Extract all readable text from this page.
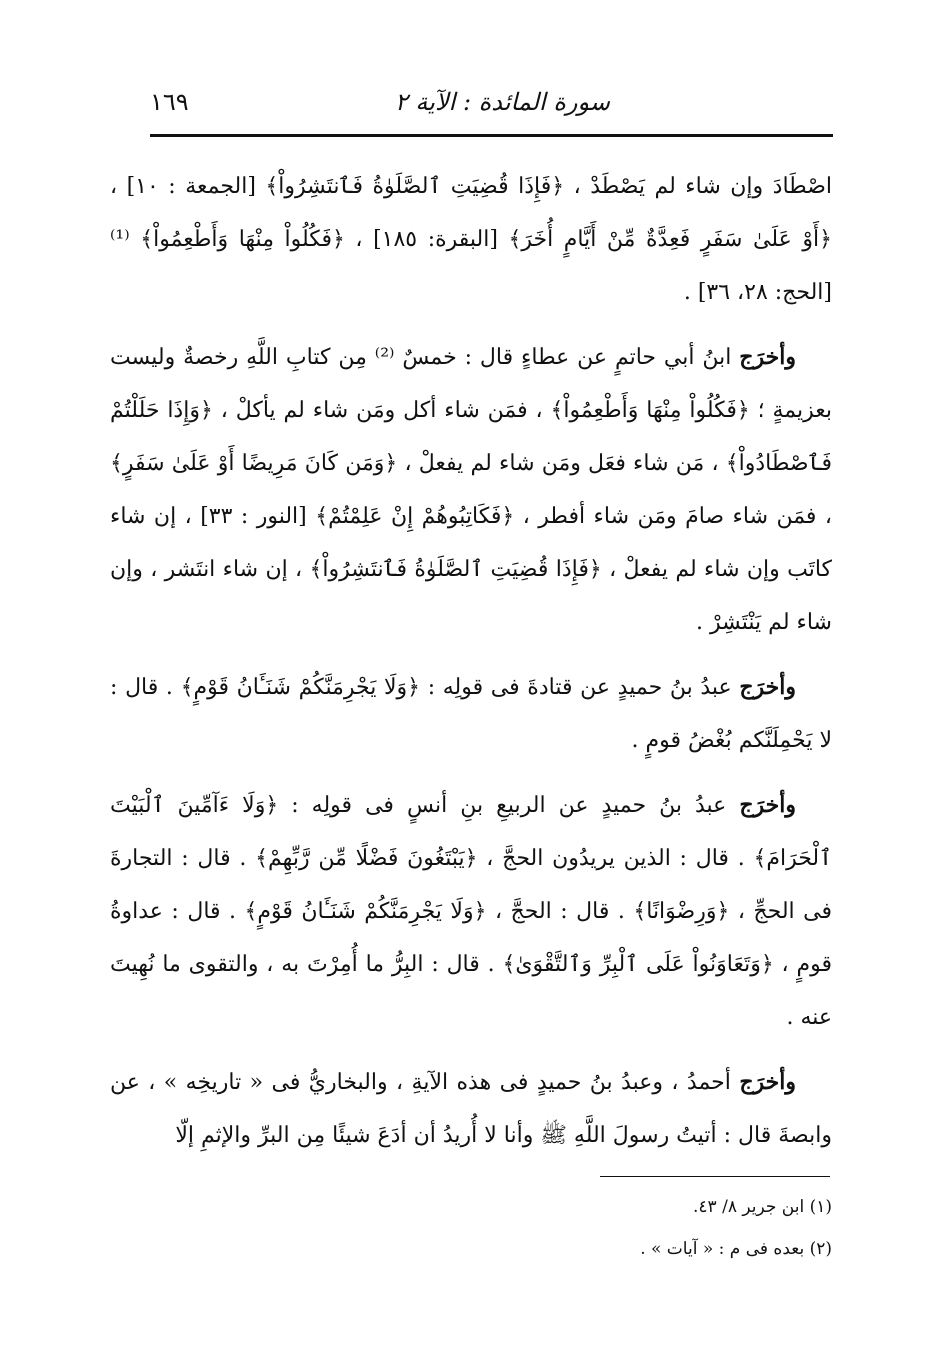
سورة المائدة : الآية ٢
١٦٩

اصْطَادَ وإن شاء لم يَصْطَدْ ، ﴿فَإِذَا قُضِيَتِ ٱلصَّلَوٰةُ فَٱنتَشِرُواْ﴾ [الجمعة : ١٠] ، ﴿أَوْ عَلَىٰ سَفَرٍ فَعِدَّةٌ مِّنْ أَيَّامٍ أُخَرَ﴾ [البقرة: ١٨٥] ، ﴿فَكُلُواْ مِنْهَا وَأَطْعِمُواْ﴾ ⁽¹⁾ [الحج: ٢٨، ٣٦] .

وأخرَج ابنُ أبي حاتمٍ عن عطاءٍ قال : خمسٌ ⁽²⁾ مِن كتابِ اللَّهِ رخصةٌ وليست بعزيمةٍ ؛ ﴿فَكُلُواْ مِنْهَا وَأَطْعِمُواْ﴾ ، فمَن شاء أكل ومَن شاء لم يأكلْ ، ﴿وَإِذَا حَلَلْتُمْ فَٱصْطَادُواْ﴾ ، مَن شاء فعَل ومَن شاء لم يفعلْ ، ﴿وَمَن كَانَ مَرِيضًا أَوْ عَلَىٰ سَفَرٍ﴾ ، فمَن شاء صامَ ومَن شاء أفطر ، ﴿فَكَاتِبُوهُمْ إِنْ عَلِمْتُمْ﴾ [النور : ٣٣] ، إن شاء كاتَب وإن شاء لم يفعلْ ، ﴿فَإِذَا قُضِيَتِ ٱلصَّلَوٰةُ فَٱنتَشِرُواْ﴾ ، إن شاء انتَشر ، وإن شاء لم يَنْتَشِرْ .

وأخرَج عبدُ بنُ حميدٍ عن قتادةَ فى قولِه : ﴿وَلَا يَجْرِمَنَّكُمْ شَنَـَٔانُ قَوْمٍ﴾ . قال : لا يَحْمِلَنَّكم بُغْضُ قومٍ .

وأخرَج عبدُ بنُ حميدٍ عن الربيعِ بنِ أنسٍ فى قولِه : ﴿وَلَا ءَآمِّينَ ٱلْبَيْتَ ٱلْحَرَامَ﴾ . قال : الذين يريدُون الحجَّ ، ﴿يَبْتَغُونَ فَضْلًا مِّن رَّبِّهِمْ﴾ . قال : التجارةَ فى الحجِّ ، ﴿وَرِضْوَانًا﴾ . قال : الحجَّ ، ﴿وَلَا يَجْرِمَنَّكُمْ شَنَـَٔانُ قَوْمٍ﴾ . قال : عداوةُ قومٍ ، ﴿وَتَعَاوَنُواْ عَلَى ٱلْبِرِّ وَٱلتَّقْوَىٰ﴾ . قال : البِرُّ ما أُمِرْتَ به ، والتقوى ما نُهِيتَ عنه .

وأخرَج أحمدُ ، وعبدُ بنُ حميدٍ فى هذه الآيةِ ، والبخاريُّ فى « تاريخِه » ، عن وابصةَ قال : أتيتُ رسولَ اللَّهِ ﷺ وأنا لا أُريدُ أن أدَعَ شيئًا مِن البرِّ والإثمِ إلّا

(١) ابن جرير ٨/ ٤٣.
(٢) بعده فى م : « آيات » .
